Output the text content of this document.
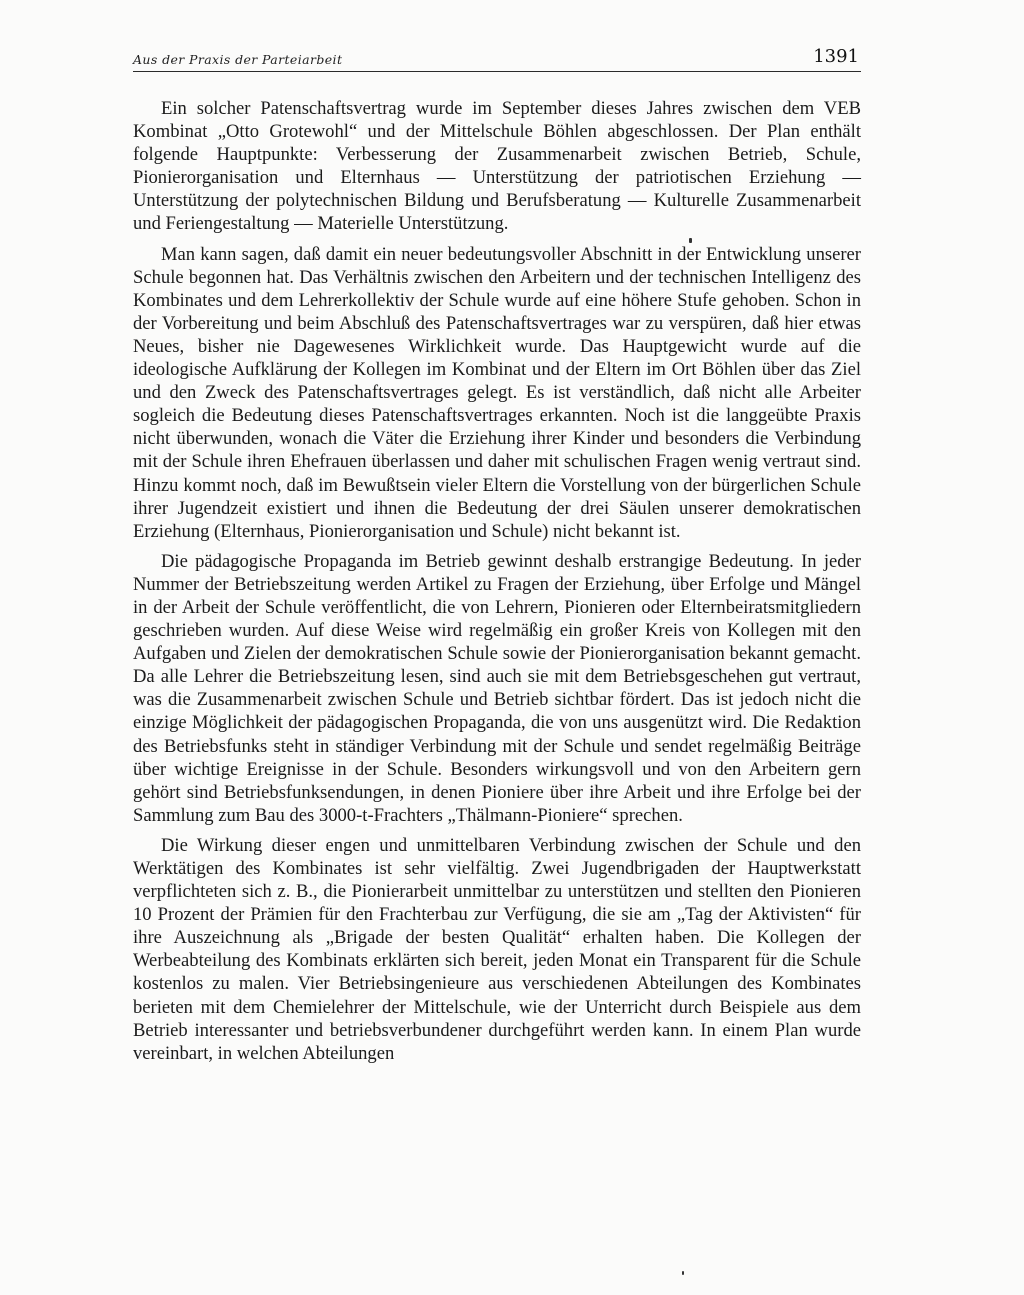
Aus der Praxis der Parteiarbeit	1391

Ein solcher Patenschaftsvertrag wurde im September dieses Jahres zwischen dem VEB Kombinat „Otto Grotewohl“ und der Mittelschule Böhlen abgeschlossen. Der Plan enthält folgende Hauptpunkte: Verbesserung der Zusammenarbeit zwischen Betrieb, Schule, Pionierorganisation und Elternhaus — Unterstützung der patriotischen Erziehung — Unterstützung der polytechnischen Bildung und Berufsberatung — Kulturelle Zusammenarbeit und Feriengestaltung — Materielle Unterstützung.

Man kann sagen, daß damit ein neuer bedeutungsvoller Abschnitt in der Entwicklung unserer Schule begonnen hat. Das Verhältnis zwischen den Arbeitern und der technischen Intelligenz des Kombinates und dem Lehrerkollektiv der Schule wurde auf eine höhere Stufe gehoben. Schon in der Vorbereitung und beim Abschluß des Patenschaftsvertrages war zu verspüren, daß hier etwas Neues, bisher nie Dagewesenes Wirklichkeit wurde. Das Hauptgewicht wurde auf die ideologische Aufklärung der Kollegen im Kombinat und der Eltern im Ort Böhlen über das Ziel und den Zweck des Patenschaftsvertrages gelegt. Es ist verständlich, daß nicht alle Arbeiter sogleich die Bedeutung dieses Patenschaftsvertrages erkannten. Noch ist die langgeübte Praxis nicht überwunden, wonach die Väter die Erziehung ihrer Kinder und besonders die Verbindung mit der Schule ihren Ehefrauen überlassen und daher mit schulischen Fragen wenig vertraut sind. Hinzu kommt noch, daß im Bewußtsein vieler Eltern die Vorstellung von der bürgerlichen Schule ihrer Jugendzeit existiert und ihnen die Bedeutung der drei Säulen unserer demokratischen Erziehung (Elternhaus, Pionierorganisation und Schule) nicht bekannt ist.

Die pädagogische Propaganda im Betrieb gewinnt deshalb erstrangige Bedeutung. In jeder Nummer der Betriebszeitung werden Artikel zu Fragen der Erziehung, über Erfolge und Mängel in der Arbeit der Schule veröffentlicht, die von Lehrern, Pionieren oder Elternbeiratsmitgliedern geschrieben wurden. Auf diese Weise wird regelmäßig ein großer Kreis von Kollegen mit den Aufgaben und Zielen der demokratischen Schule sowie der Pionierorganisation bekannt gemacht. Da alle Lehrer die Betriebszeitung lesen, sind auch sie mit dem Betriebsgeschehen gut vertraut, was die Zusammenarbeit zwischen Schule und Betrieb sichtbar fördert. Das ist jedoch nicht die einzige Möglichkeit der pädagogischen Propaganda, die von uns ausgenützt wird. Die Redaktion des Betriebsfunks steht in ständiger Verbindung mit der Schule und sendet regelmäßig Beiträge über wichtige Ereignisse in der Schule. Besonders wirkungsvoll und von den Arbeitern gern gehört sind Betriebsfunksendungen, in denen Pioniere über ihre Arbeit und ihre Erfolge bei der Sammlung zum Bau des 3000-t-Frachters „Thälmann-Pioniere“ sprechen.

Die Wirkung dieser engen und unmittelbaren Verbindung zwischen der Schule und den Werktätigen des Kombinates ist sehr vielfältig. Zwei Jugendbrigaden der Hauptwerkstatt verpflichteten sich z. B., die Pionierarbeit unmittelbar zu unterstützen und stellten den Pionieren 10 Prozent der Prämien für den Frachterbau zur Verfügung, die sie am „Tag der Aktivisten“ für ihre Auszeichnung als „Brigade der besten Qualität“ erhalten haben. Die Kollegen der Werbeabteilung des Kombinats erklärten sich bereit, jeden Monat ein Transparent für die Schule kostenlos zu malen. Vier Betriebsingenieure aus verschiedenen Abteilungen des Kombinates berieten mit dem Chemielehrer der Mittelschule, wie der Unterricht durch Beispiele aus dem Betrieb interessanter und betriebsverbundener durchgeführt werden kann. In einem Plan wurde vereinbart, in welchen Abteilungen
